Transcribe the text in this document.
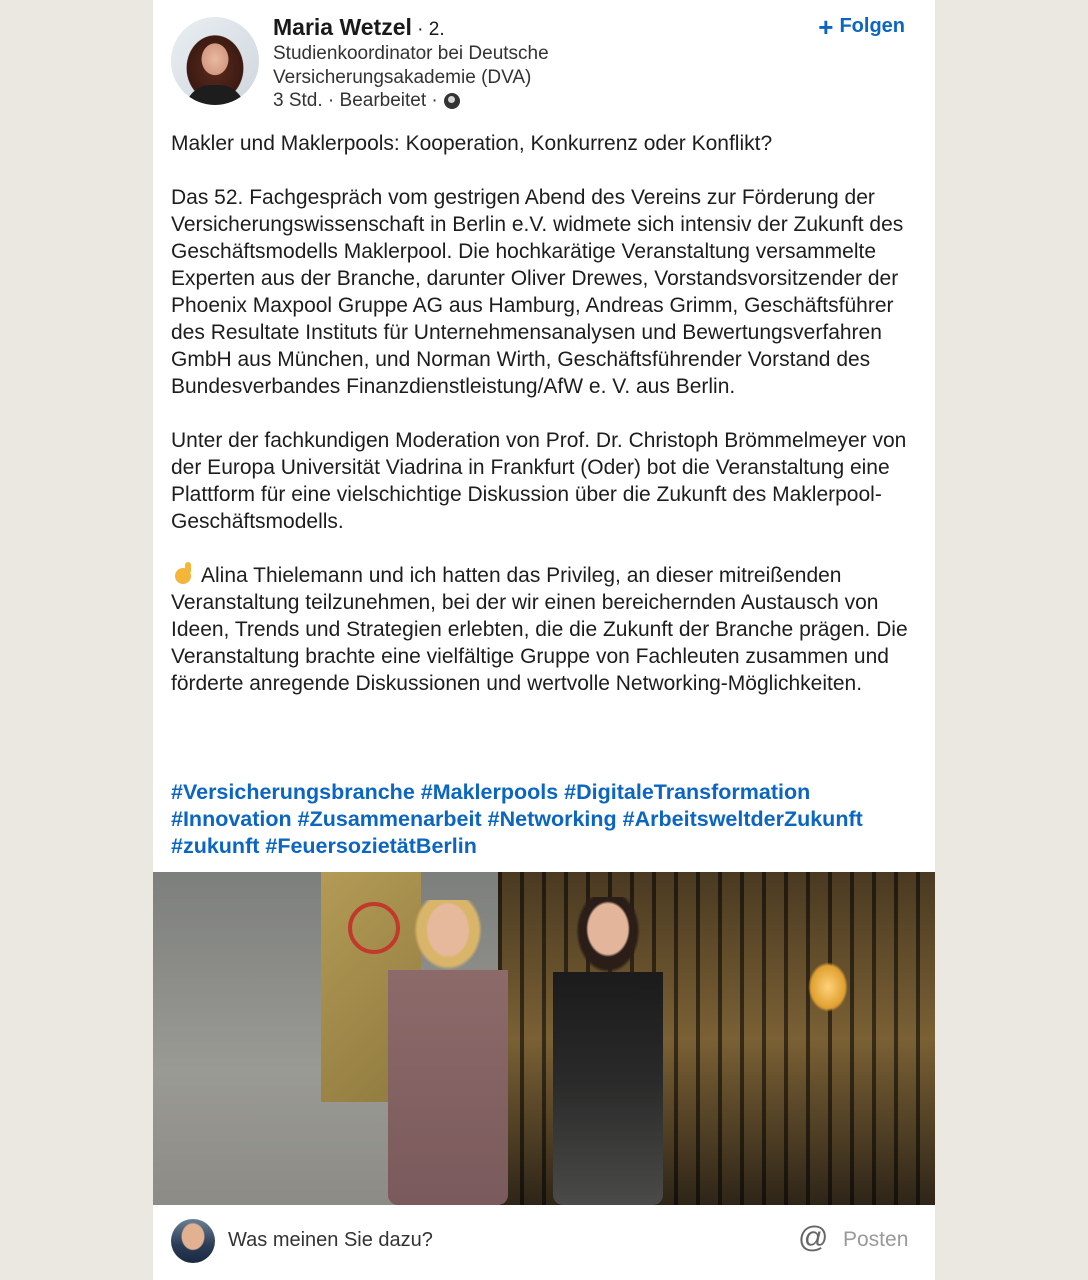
Maria Wetzel · 2.
Studienkoordinator bei Deutsche Versicherungsakademie (DVA)
3 Std. · Bearbeitet ·
+ Folgen

Makler und Maklerpools: Kooperation, Konkurrenz oder Konflikt?

Das 52. Fachgespräch vom gestrigen Abend des Vereins zur Förderung der Versicherungswissenschaft in Berlin e.V. widmete sich intensiv der Zukunft des Geschäftsmodells Maklerpool. Die hochkarätige Veranstaltung versammelte Experten aus der Branche, darunter Oliver Drewes, Vorstandsvorsitzender der Phoenix Maxpool Gruppe AG aus Hamburg, Andreas Grimm, Geschäftsführer des Resultate Instituts für Unternehmensanalysen und Bewertungsverfahren GmbH aus München, und Norman Wirth, Geschäftsführender Vorstand des Bundesverbandes Finanzdienstleistung/AfW e. V. aus Berlin.

Unter der fachkundigen Moderation von Prof. Dr. Christoph Brömmelmeyer von der Europa Universität Viadrina in Frankfurt (Oder) bot die Veranstaltung eine Plattform für eine vielschichtige Diskussion über die Zukunft des Maklerpool-Geschäftsmodells.

Alina Thielemann und ich hatten das Privileg, an dieser mitreißenden Veranstaltung teilzunehmen, bei der wir einen bereichernden Austausch von Ideen, Trends und Strategien erlebten, die die Zukunft der Branche prägen. Die Veranstaltung brachte eine vielfältige Gruppe von Fachleuten zusammen und förderte anregende Diskussionen und wertvolle Networking-Möglichkeiten.

#Versicherungsbranche #Maklerpools #DigitaleTransformation
#Innovation #Zusammenarbeit #Networking #ArbeitsweltderZukunft
#zukunft #FeuersozietätBerlin
Was meinen Sie dazu?	@ Posten
